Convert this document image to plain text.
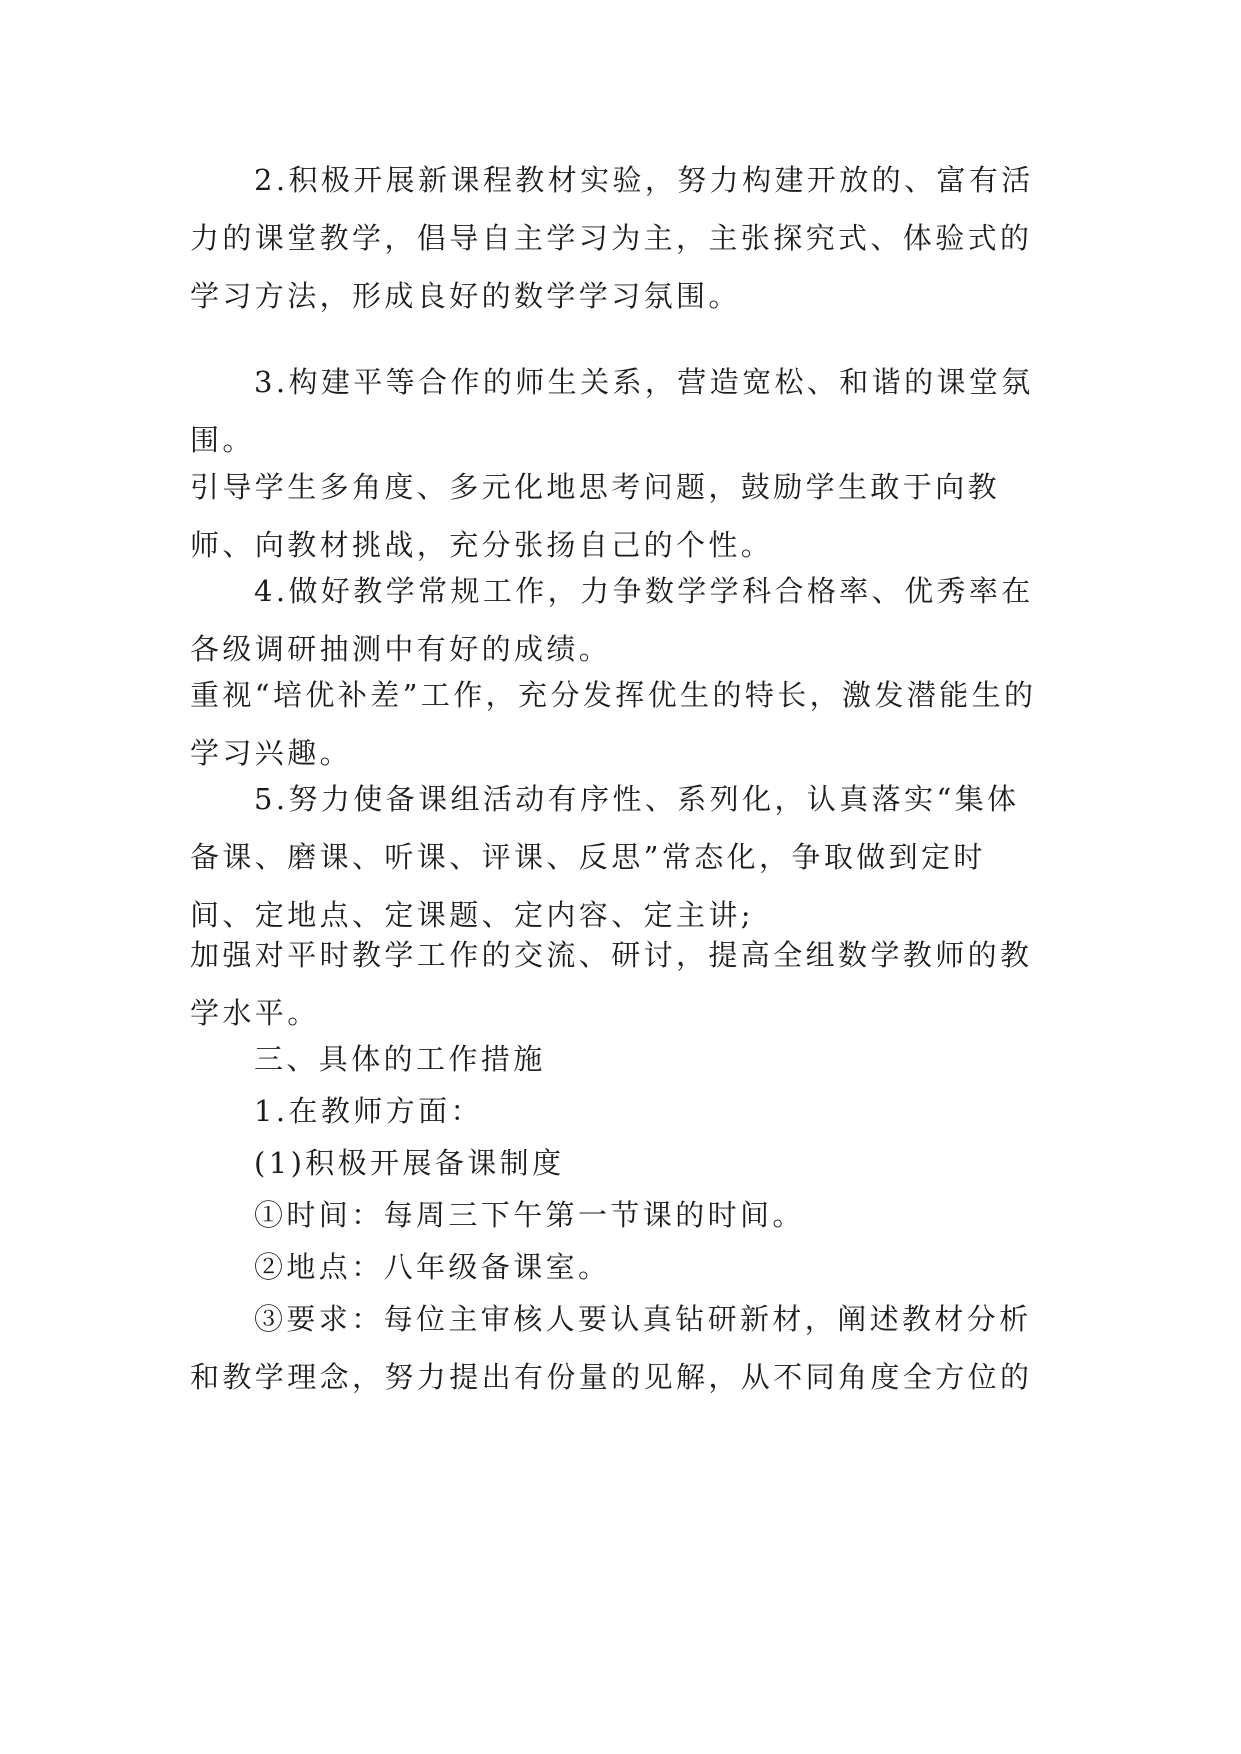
2.积极开展新课程教材实验，努力构建开放的、富有活力的课堂教学，倡导自主学习为主，主张探究式、体验式的学习方法，形成良好的数学学习氛围。

3.构建平等合作的师生关系，营造宽松、和谐的课堂氛围。

引导学生多角度、多元化地思考问题，鼓励学生敢于向教师、向教材挑战，充分张扬自己的个性。

4.做好教学常规工作，力争数学学科合格率、优秀率在各级调研抽测中有好的成绩。

重视“培优补差”工作，充分发挥优生的特长，激发潜能生的学习兴趣。

5.努力使备课组活动有序性、系列化，认真落实“集体备课、磨课、听课、评课、反思”常态化，争取做到定时间、定地点、定课题、定内容、定主讲;

加强对平时教学工作的交流、研讨，提高全组数学教师的教学水平。

三、具体的工作措施

1.在教师方面：

(1)积极开展备课制度

①时间：每周三下午第一节课的时间。

②地点：八年级备课室。

③要求：每位主审核人要认真钻研新材，阐述教材分析和教学理念，努力提出有份量的见解，从不同角度全方位的
